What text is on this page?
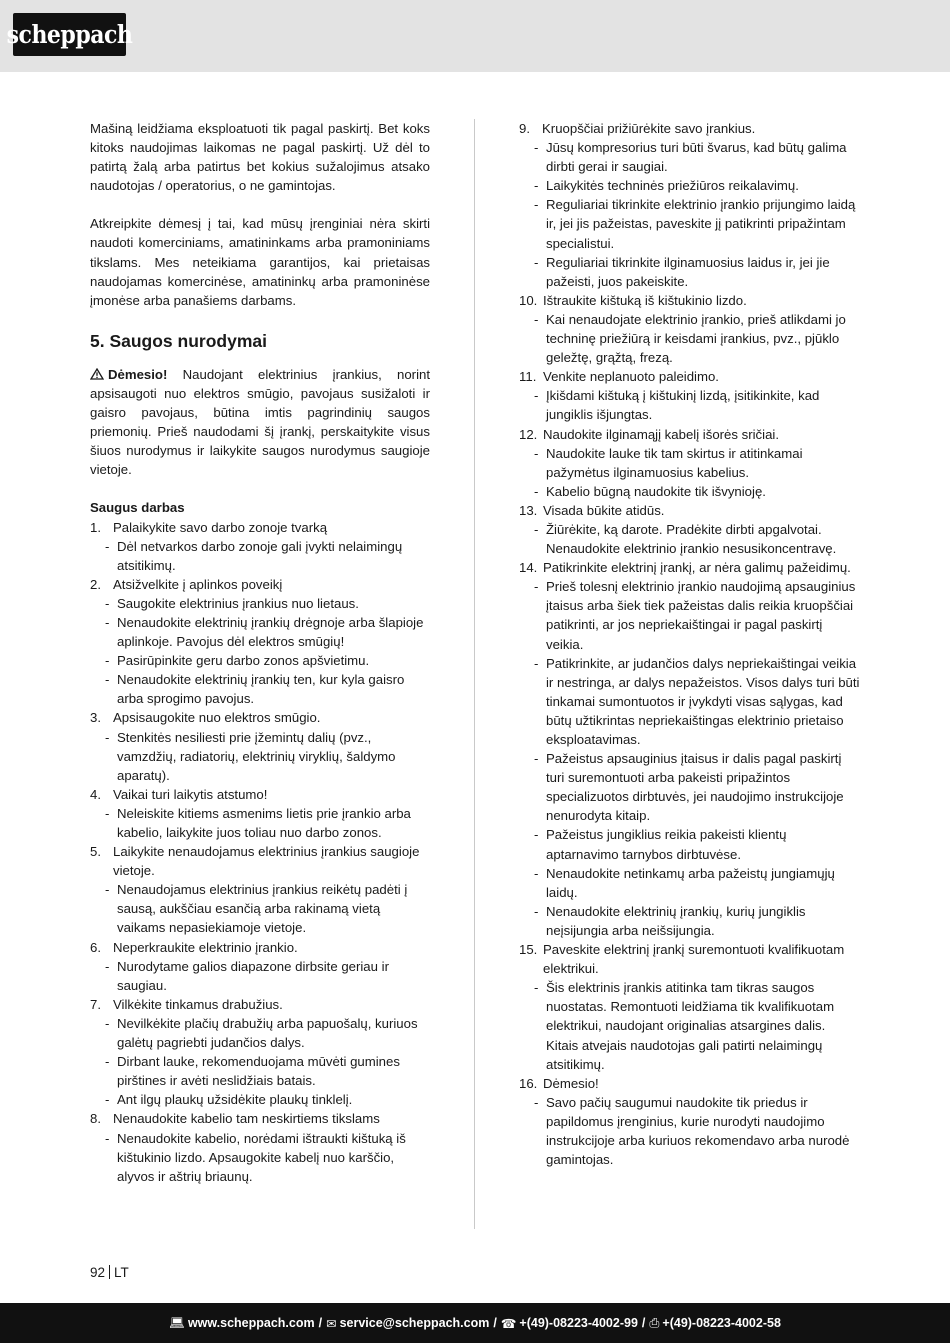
scheppach

Mašiną leidžiama eksploatuoti tik pagal paskirtį. Bet koks kitoks naudojimas laikomas ne pagal paskirtį. Už dėl to patirtą žalą arba patirtus bet kokius sužalojimus atsako naudotojas / operatorius, o ne gamintojas.

Atkreipkite dėmesį į tai, kad mūsų įrenginiai nėra skirti naudoti komerciniams, amatininkams arba pramoniniams tikslams. Mes neteikiama garantijos, kai prietaisas naudojamas komercinėse, amatininkų arba pramoninėse įmonėse arba panašiems darbams.

5. Saugos nurodymai

Dėmesio! Naudojant elektrinius įrankius, norint apsisaugoti nuo elektros smūgio, pavojaus susižaloti ir gaisro pavojaus, būtina imtis pagrindinių saugos priemonių. Prieš naudodami šį įrankį, perskaitykite visus šiuos nurodymus ir laikykite saugos nurodymus saugioje vietoje.

Saugus darbas
1. Palaikykite savo darbo zonoje tvarką
- Dėl netvarkos darbo zonoje gali įvykti nelaimingų atsitikimų.
2. Atsižvelkite į aplinkos poveikį
- Saugokite elektrinius įrankius nuo lietaus.
- Nenaudokite elektrinių įrankių drėgnoje arba šlapioje aplinkoje. Pavojus dėl elektros smūgių!
- Pasirūpinkite geru darbo zonos apšvietimu.
- Nenaudokite elektrinių įrankių ten, kur kyla gaisro arba sprogimo pavojus.
3. Apsisaugokite nuo elektros smūgio.
- Stenkitės nesiliesti prie įžemintų dalių (pvz., vamzdžių, radiatorių, elektrinių viryklių, šaldymo aparatų).
4. Vaikai turi laikytis atstumo!
- Neleiskite kitiems asmenims lietis prie įrankio arba kabelio, laikykite juos toliau nuo darbo zonos.
5. Laikykite nenaudojamus elektrinius įrankius saugioje vietoje.
- Nenaudojamus elektrinius įrankius reikėtų padėti į sausą, aukščiau esančią arba rakinamą vietą vaikams nepasiekiamoje vietoje.
6. Neperkraukite elektrinio įrankio.
- Nurodytame galios diapazone dirbsite geriau ir saugiau.
7. Vilkėkite tinkamus drabužius.
- Nevilkėkite plačių drabužių arba papuošalų, kuriuos galėtų pagriebti judančios dalys.
- Dirbant lauke, rekomenduojama mūvėti gumines pirštines ir avėti neslidžiais batais.
- Ant ilgų plaukų užsidėkite plaukų tinklelį.
8. Nenaudokite kabelio tam neskirtiems tikslams
- Nenaudokite kabelio, norėdami ištraukti kištuką iš kištukinio lizdo. Apsaugokite kabelį nuo karščio, alyvos ir aštrių briaunų.
9. Kruopščiai prižiūrėkite savo įrankius.
- Jūsų kompresorius turi būti švarus, kad būtų galima dirbti gerai ir saugiai.
- Laikykitės techninės priežiūros reikalavimų.
- Reguliariai tikrinkite elektrinio įrankio prijungimo laidą ir, jei jis pažeistas, paveskite jį patikrinti pripažintam specialistui.
- Reguliariai tikrinkite ilginamuosius laidus ir, jei jie pažeisti, juos pakeiskite.
10. Ištraukite kištuką iš kištukinio lizdo.
- Kai nenaudojate elektrinio įrankio, prieš atlikdami jo techninę priežiūrą ir keisdami įrankius, pvz., pjūklo geležtę, grąžtą, frezą.
11. Venkite neplanuoto paleidimo.
- Įkišdami kištuką į kištukinį lizdą, įsitikinkite, kad jungiklis išjungtas.
12. Naudokite ilginamąjį kabelį išorės sričiai.
- Naudokite lauke tik tam skirtus ir atitinkamai pažymėtus ilginamuosius kabelius.
- Kabelio būgną naudokite tik išvynioję.
13. Visada būkite atidūs.
- Žiūrėkite, ką darote. Pradėkite dirbti apgalvotai. Nenaudokite elektrinio įrankio nesusikoncentravę.
14. Patikrinkite elektrinį įrankį, ar nėra galimų pažeidimų.
- Prieš tolesnį elektrinio įrankio naudojimą apsauginius įtaisus arba šiek tiek pažeistas dalis reikia kruopščiai patikrinti, ar jos nepriekaištingai ir pagal paskirtį veikia.
- Patikrinkite, ar judančios dalys nepriekaištingai veikia ir nestringa, ar dalys nepažeistos. Visos dalys turi būti tinkamai sumontuotos ir įvykdyti visas sąlygas, kad būtų užtikrintas nepriekaištingas elektrinio prietaiso eksploatavimas.
- Pažeistus apsauginius įtaisus ir dalis pagal paskirtį turi suremontuoti arba pakeisti pripažintos specializuotos dirbtuvės, jei naudojimo instrukcijoje nenurodyta kitaip.
- Pažeistus jungiklius reikia pakeisti klientų aptarnavimo tarnybos dirbtuvėse.
- Nenaudokite netinkamų arba pažeistų jungiamųjų laidų.
- Nenaudokite elektrinių įrankių, kurių jungiklis neįsijungia arba neišsijungia.
15. Paveskite elektrinį įrankį suremontuoti kvalifikuotam elektrikui.
- Šis elektrinis įrankis atitinka tam tikras saugos nuostatas. Remontuoti leidžiama tik kvalifikuotam elektrikui, naudojant originalias atsargines dalis. Kitais atvejais naudotojas gali patirti nelaimingų atsitikimų.
16. Dėmesio!
- Savo pačių saugumui naudokite tik priedus ir papildomus įrenginius, kurie nurodyti naudojimo instrukcijoje arba kuriuos rekomendavo arba nurodė gamintojas.
92 LT
💻︎ www.scheppach.com / ✉︎ service@scheppach.com / ☎︎ +(49)-08223-4002-99 / ⎙ +(49)-08223-4002-58
